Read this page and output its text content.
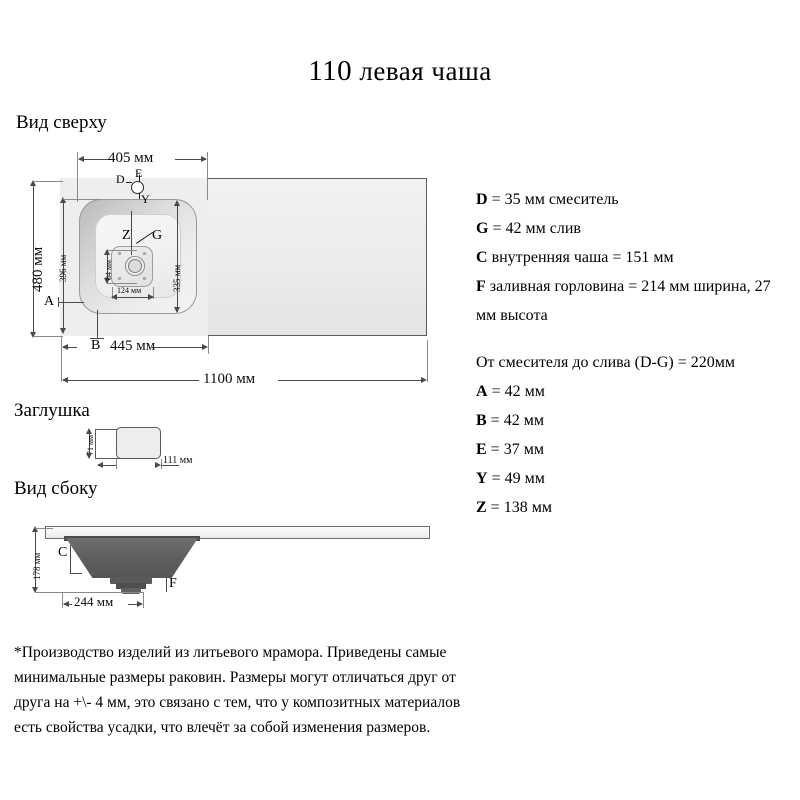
110 левая чаша
Вид сверху
D E
Y
405 мм
480 мм 396 мм
A
B
335 мм
Z G
84 мм
124 мм
445 мм
1100 мм
Заглушка
71 мм
111 мм
Вид сбоку
178 мм
C
F
244 мм
D = 35 мм смеситель
G = 42 мм слив
C внутренняя чаша = 151 мм
F заливная горловина = 214 мм ширина, 27 мм высота
От смесителя до слива (D-G) = 220мм
A = 42 мм
B = 42 мм
E = 37 мм
Y = 49 мм
Z = 138 мм
*Производство изделий из литьевого мрамора. Приведены самые минимальные размеры раковин. Размеры могут отличаться друг от друга на +\- 4 мм, это связано с тем, что у композитных материалов есть свойства усадки, что влечёт за собой изменения размеров.
